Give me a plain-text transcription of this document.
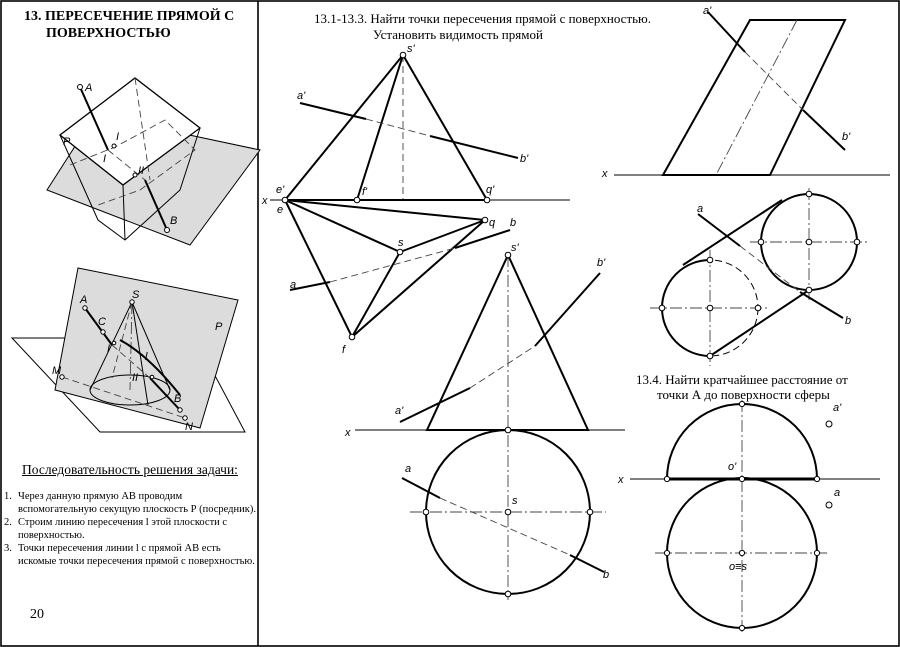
A
B
P	I
I
II
A	S
C	P
M
N
B
I
l
II
s'
a'
b'
e'	f'	q'
x
e
q b
s
a
f
s'
b'
a'
x
a
s
b
a'
b'
x
a
b
a'
o'
a
x
o≡s
13. ПЕРЕСЕЧЕНИЕ ПРЯМОЙ С
ПОВЕРХНОСТЬЮ
13.1-13.3. Найти точки пересечения прямой с поверхностью.
Установить видимость прямой
13.4. Найти кратчайшее расстояние от
точки А до поверхности сферы
Последовательность решения задачи:
1. Через данную прямую АВ проводим вспомогательную секущую плоскость Р (посредник).
2. Строим линию пересечения l этой плоскости с поверхностью.
3. Точки пересечения линии l с прямой АВ есть искомые точки пересечения прямой с поверхностью.
20
